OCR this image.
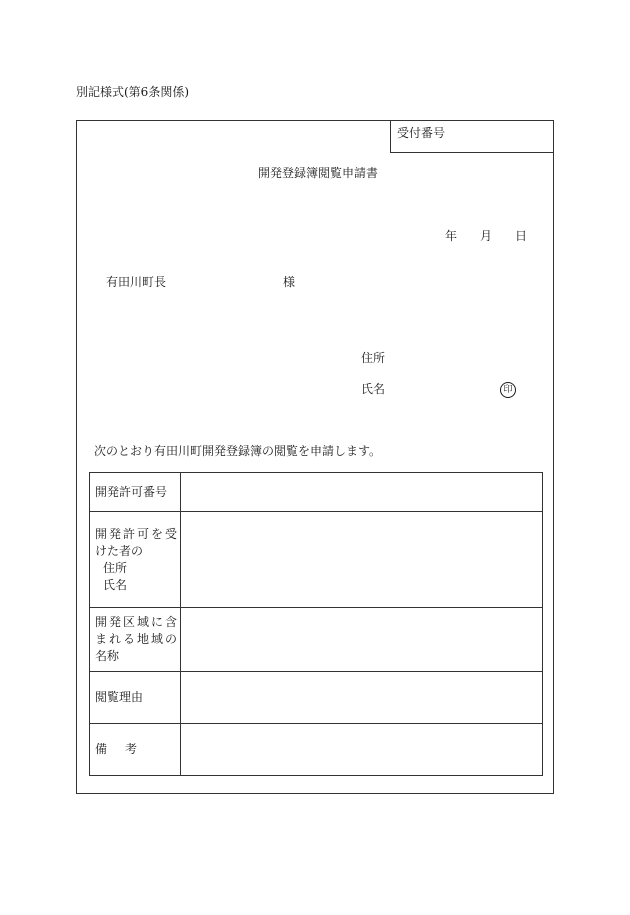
別記様式(第6条関係)
受付番号
開発登録簿閲覧申請書
年 月 日
有田川町長	様
住所
氏名	印
次のとおり有田川町開発登録簿の閲覧を申請します。
開発許可番号	

開発許可を受
けた者の
住所
氏名	

開発区域に含
まれる地域の
名称	

閲覧理由	
備考	
